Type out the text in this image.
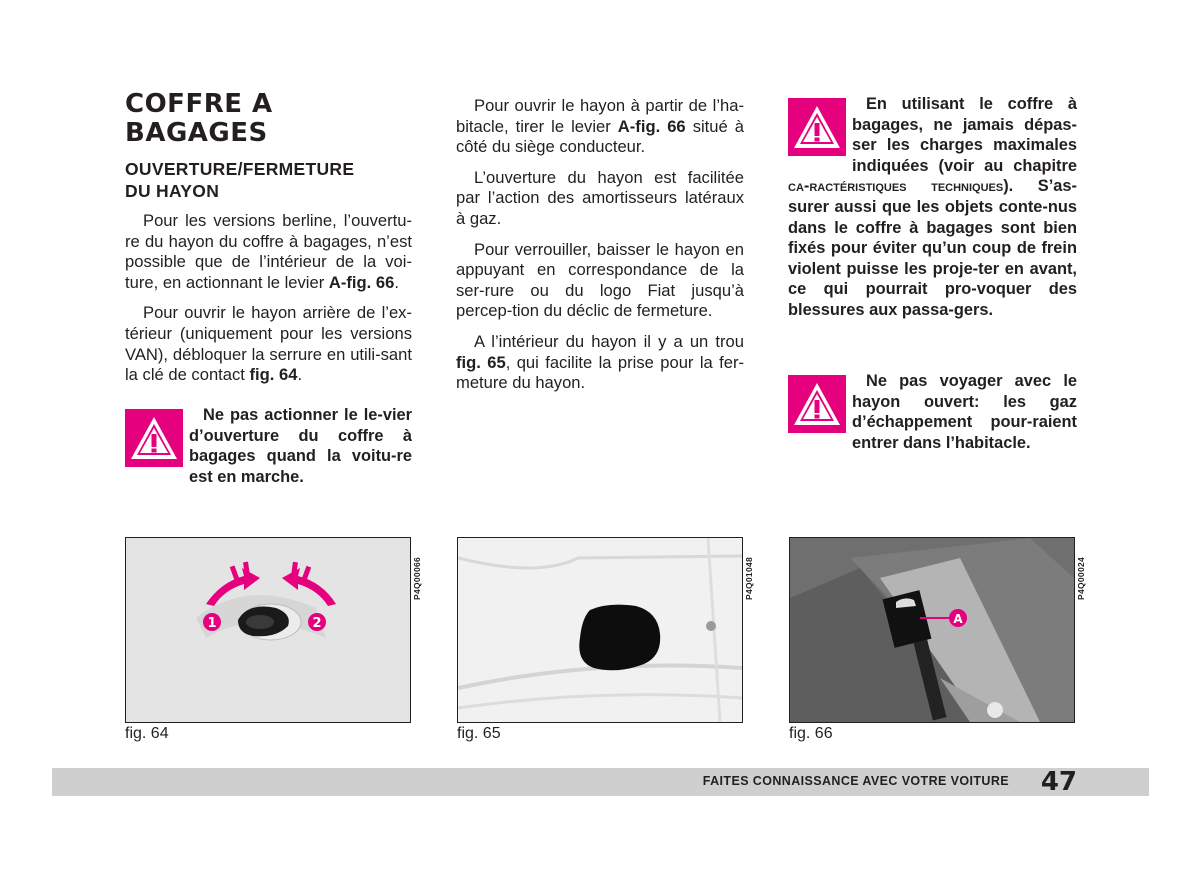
COFFRE A
BAGAGES
OUVERTURE/FERMETURE
DU HAYON

Pour les versions berline, l’ouvertu-re du hayon du coffre à bagages, n’est possible que de l’intérieur de la voi-ture, en actionnant le levier A-fig. 66.

Pour ouvrir le hayon arrière de l’ex-térieur (uniquement pour les versions VAN), débloquer la serrure en utili-sant la clé de contact fig. 64.

Ne pas actionner le le-vier d’ouverture du coffre à bagages quand la voitu-re est en marche.

Pour ouvrir le hayon à partir de l’ha-bitacle, tirer le levier A-fig. 66 situé à côté du siège conducteur.

L’ouverture du hayon est facilitée par l’action des amortisseurs latéraux à gaz.

Pour verrouiller, baisser le hayon en appuyant en correspondance de la ser-rure ou du logo Fiat jusqu’à percep-tion du déclic de fermeture.

A l’intérieur du hayon il y a un trou fig. 65, qui facilite la prise pour la fer-meture du hayon.

En utilisant le coffre à bagages, ne jamais dépas-ser les charges maximales indiquées (voir au chapitre ca-ractéristiques techniques). S’as-surer aussi que les objets conte-nus dans le coffre à bagages sont bien fixés pour éviter qu’un coup de frein violent puisse les proje-ter en avant, ce qui pourrait pro-voquer des blessures aux passa-gers.

Ne pas voyager avec le hayon ouvert: les gaz d’échappement pour-raient entrer dans l’habitacle.

1	2
P4Q00066
fig. 64
P4Q01048
fig. 65
A
P4Q00024
fig. 66
FAITES CONNAISSANCE AVEC VOTRE VOITURE 47
